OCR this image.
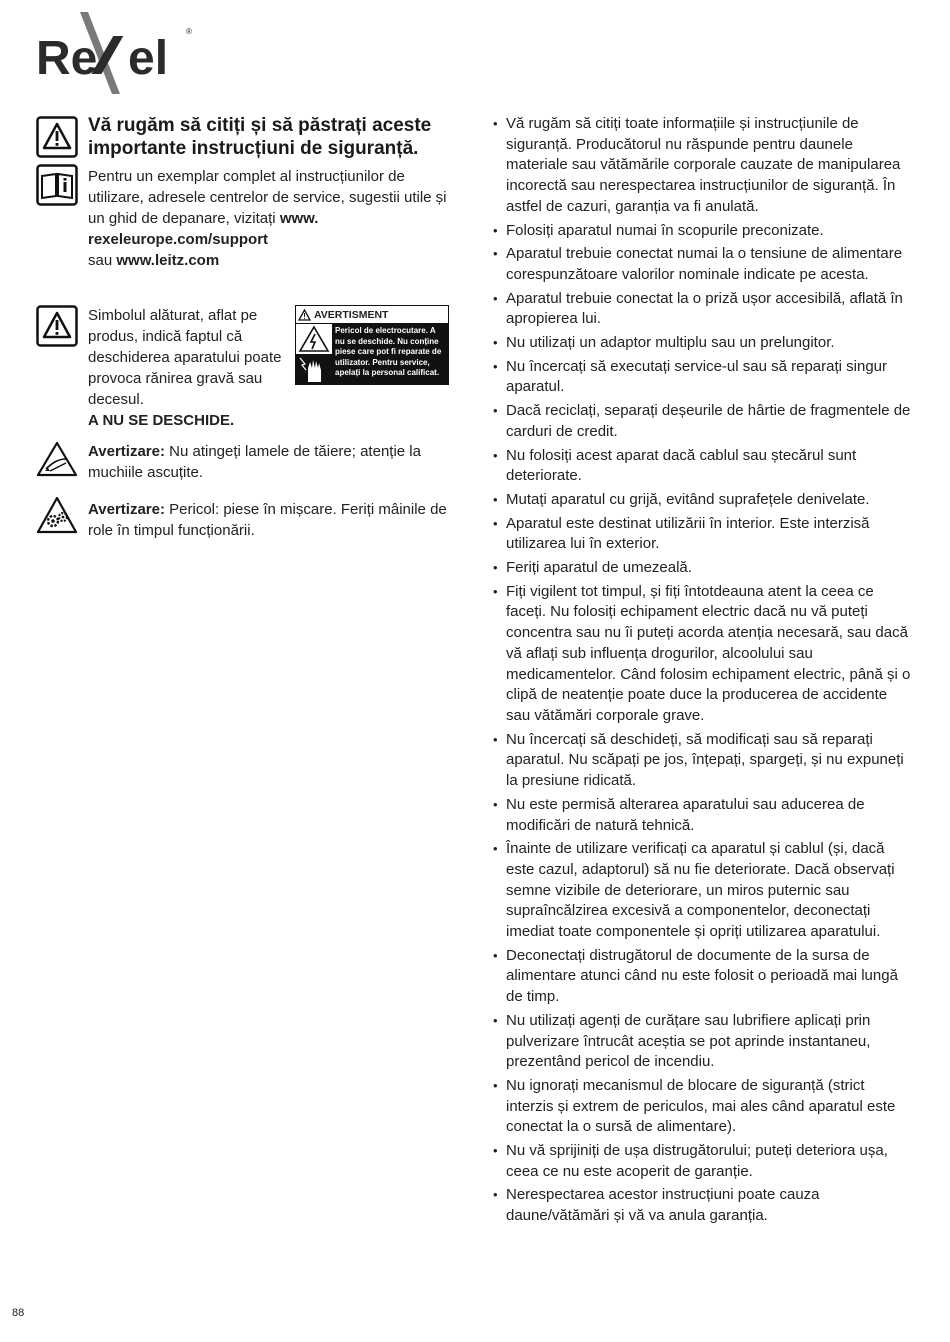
Re el
®
Vă rugăm să citiți și să păstrați aceste importante instrucțiuni de siguranță.

Pentru un exemplar complet al instrucțiunilor de utilizare, adresele centrelor de service, sugestii utile și un ghid de depanare, vizitați www. rexeleurope.com/support
sau www.leitz.com

Simbolul alăturat, aflat pe produs, indică faptul că deschiderea aparatului poate provoca rănirea gravă sau decesul.

A NU SE DESCHIDE.

AVERTISMENT
Pericol de electrocutare. A nu se deschide. Nu conține piese care pot fi reparate de utilizator. Pentru service, apelați la personal calificat.

Avertizare: Nu atingeți lamele de tăiere; atenție la muchiile ascuțite.

Avertizare: Pericol: piese în mișcare. Feriți mâinile de role în timpul funcționării.

• Vă rugăm să citiți toate informațiile și instrucțiunile de siguranță. Producătorul nu răspunde pentru daunele materiale sau vătămările corporale cauzate de manipularea incorectă sau nerespectarea instrucțiunilor de siguranță. În astfel de cazuri, garanția va fi anulată.
• Folosiți aparatul numai în scopurile preconizate.
• Aparatul trebuie conectat numai la o tensiune de alimentare corespunzătoare valorilor nominale indicate pe acesta.
• Aparatul trebuie conectat la o priză ușor accesibilă, aflată în apropierea lui.
• Nu utilizați un adaptor multiplu sau un prelungitor.
• Nu încercați să executați service-ul sau să reparați singur aparatul.
• Dacă reciclați, separați deșeurile de hârtie de fragmentele de carduri de credit.
• Nu folosiți acest aparat dacă cablul sau ștecărul sunt deteriorate.
• Mutați aparatul cu grijă, evitând suprafețele denivelate.
• Aparatul este destinat utilizării în interior. Este interzisă utilizarea lui în exterior.
• Feriți aparatul de umezeală.
• Fiți vigilent tot timpul, și fiți întotdeauna atent la ceea ce faceți. Nu folosiți echipament electric dacă nu vă puteți concentra sau nu îi puteți acorda atenția necesară, sau dacă vă aflați sub influența drogurilor, alcoolului sau medicamentelor. Când folosim echipament electric, până și o clipă de neatenție poate duce la producerea de accidente sau vătămări corporale grave.
• Nu încercați să deschideți, să modificați sau să reparați aparatul. Nu scăpați pe jos, înțepați, spargeți, și nu expuneți la presiune ridicată.
• Nu este permisă alterarea aparatului sau aducerea de modificări de natură tehnică.
• Înainte de utilizare verificați ca aparatul și cablul (și, dacă este cazul, adaptorul) să nu fie deteriorate. Dacă observați semne vizibile de deteriorare, un miros puternic sau supraîncălzirea excesivă a componentelor, deconectați imediat toate componentele și opriți utilizarea aparatului.
• Deconectați distrugătorul de documente de la sursa de alimentare atunci când nu este folosit o perioadă mai lungă de timp.
• Nu utilizați agenți de curățare sau lubrifiere aplicați prin pulverizare întrucât aceștia se pot aprinde instantaneu, prezentând pericol de incendiu.
• Nu ignorați mecanismul de blocare de siguranță (strict interzis și extrem de periculos, mai ales când aparatul este conectat la o sursă de alimentare).
• Nu vă sprijiniți de ușa distrugătorului; puteți deteriora ușa, ceea ce nu este acoperit de garanție.
• Nerespectarea acestor instrucțiuni poate cauza daune/vătămări și vă va anula garanția.
88
